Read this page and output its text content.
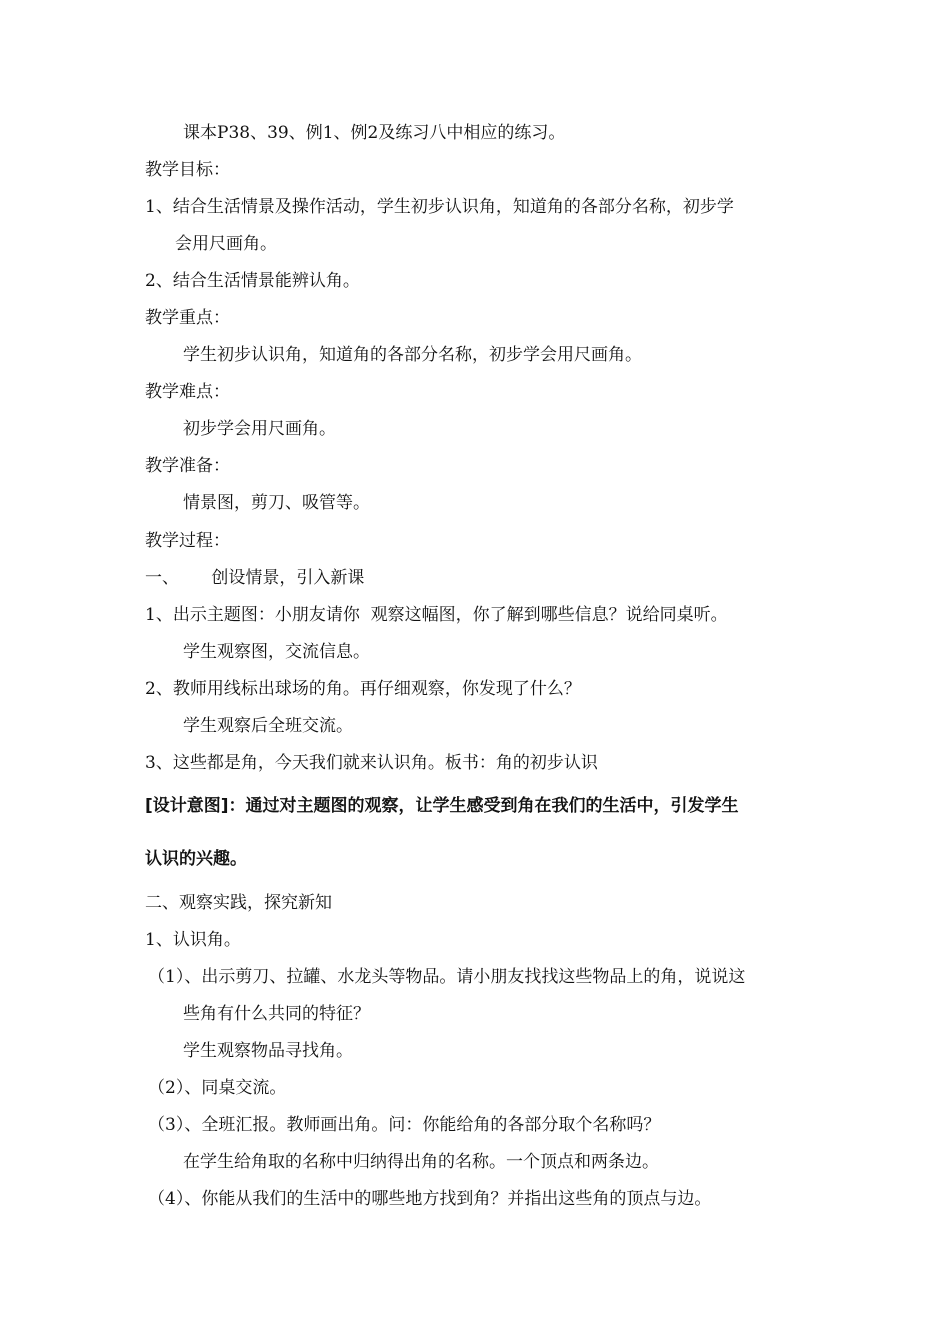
课本P38、39、例1、例2及练习八中相应的练习。
教学目标：
1、结合生活情景及操作活动，学生初步认识角，知道角的各部分名称，初步学
会用尺画角。
2、结合生活情景能辨认角。
教学重点：
学生初步认识角，知道角的各部分名称，初步学会用尺画角。
教学难点：
初步学会用尺画角。
教学准备：
情景图，剪刀、吸管等。
教学过程：
一、      创设情景，引入新课
1、出示主题图：小朋友请你  观察这幅图，你了解到哪些信息？说给同桌听。
学生观察图，交流信息。
2、教师用线标出球场的角。再仔细观察，你发现了什么？
学生观察后全班交流。
3、这些都是角，今天我们就来认识角。板书：角的初步认识
[设计意图]：通过对主题图的观察，让学生感受到角在我们的生活中，引发学生
认识的兴趣。
二、观察实践，探究新知
1、认识角。
（1）、出示剪刀、拉罐、水龙头等物品。请小朋友找找这些物品上的角，说说这
些角有什么共同的特征？
学生观察物品寻找角。
（2）、同桌交流。
（3）、全班汇报。教师画出角。问：你能给角的各部分取个名称吗？
在学生给角取的名称中归纳得出角的名称。一个顶点和两条边。
（4）、你能从我们的生活中的哪些地方找到角？并指出这些角的顶点与边。
